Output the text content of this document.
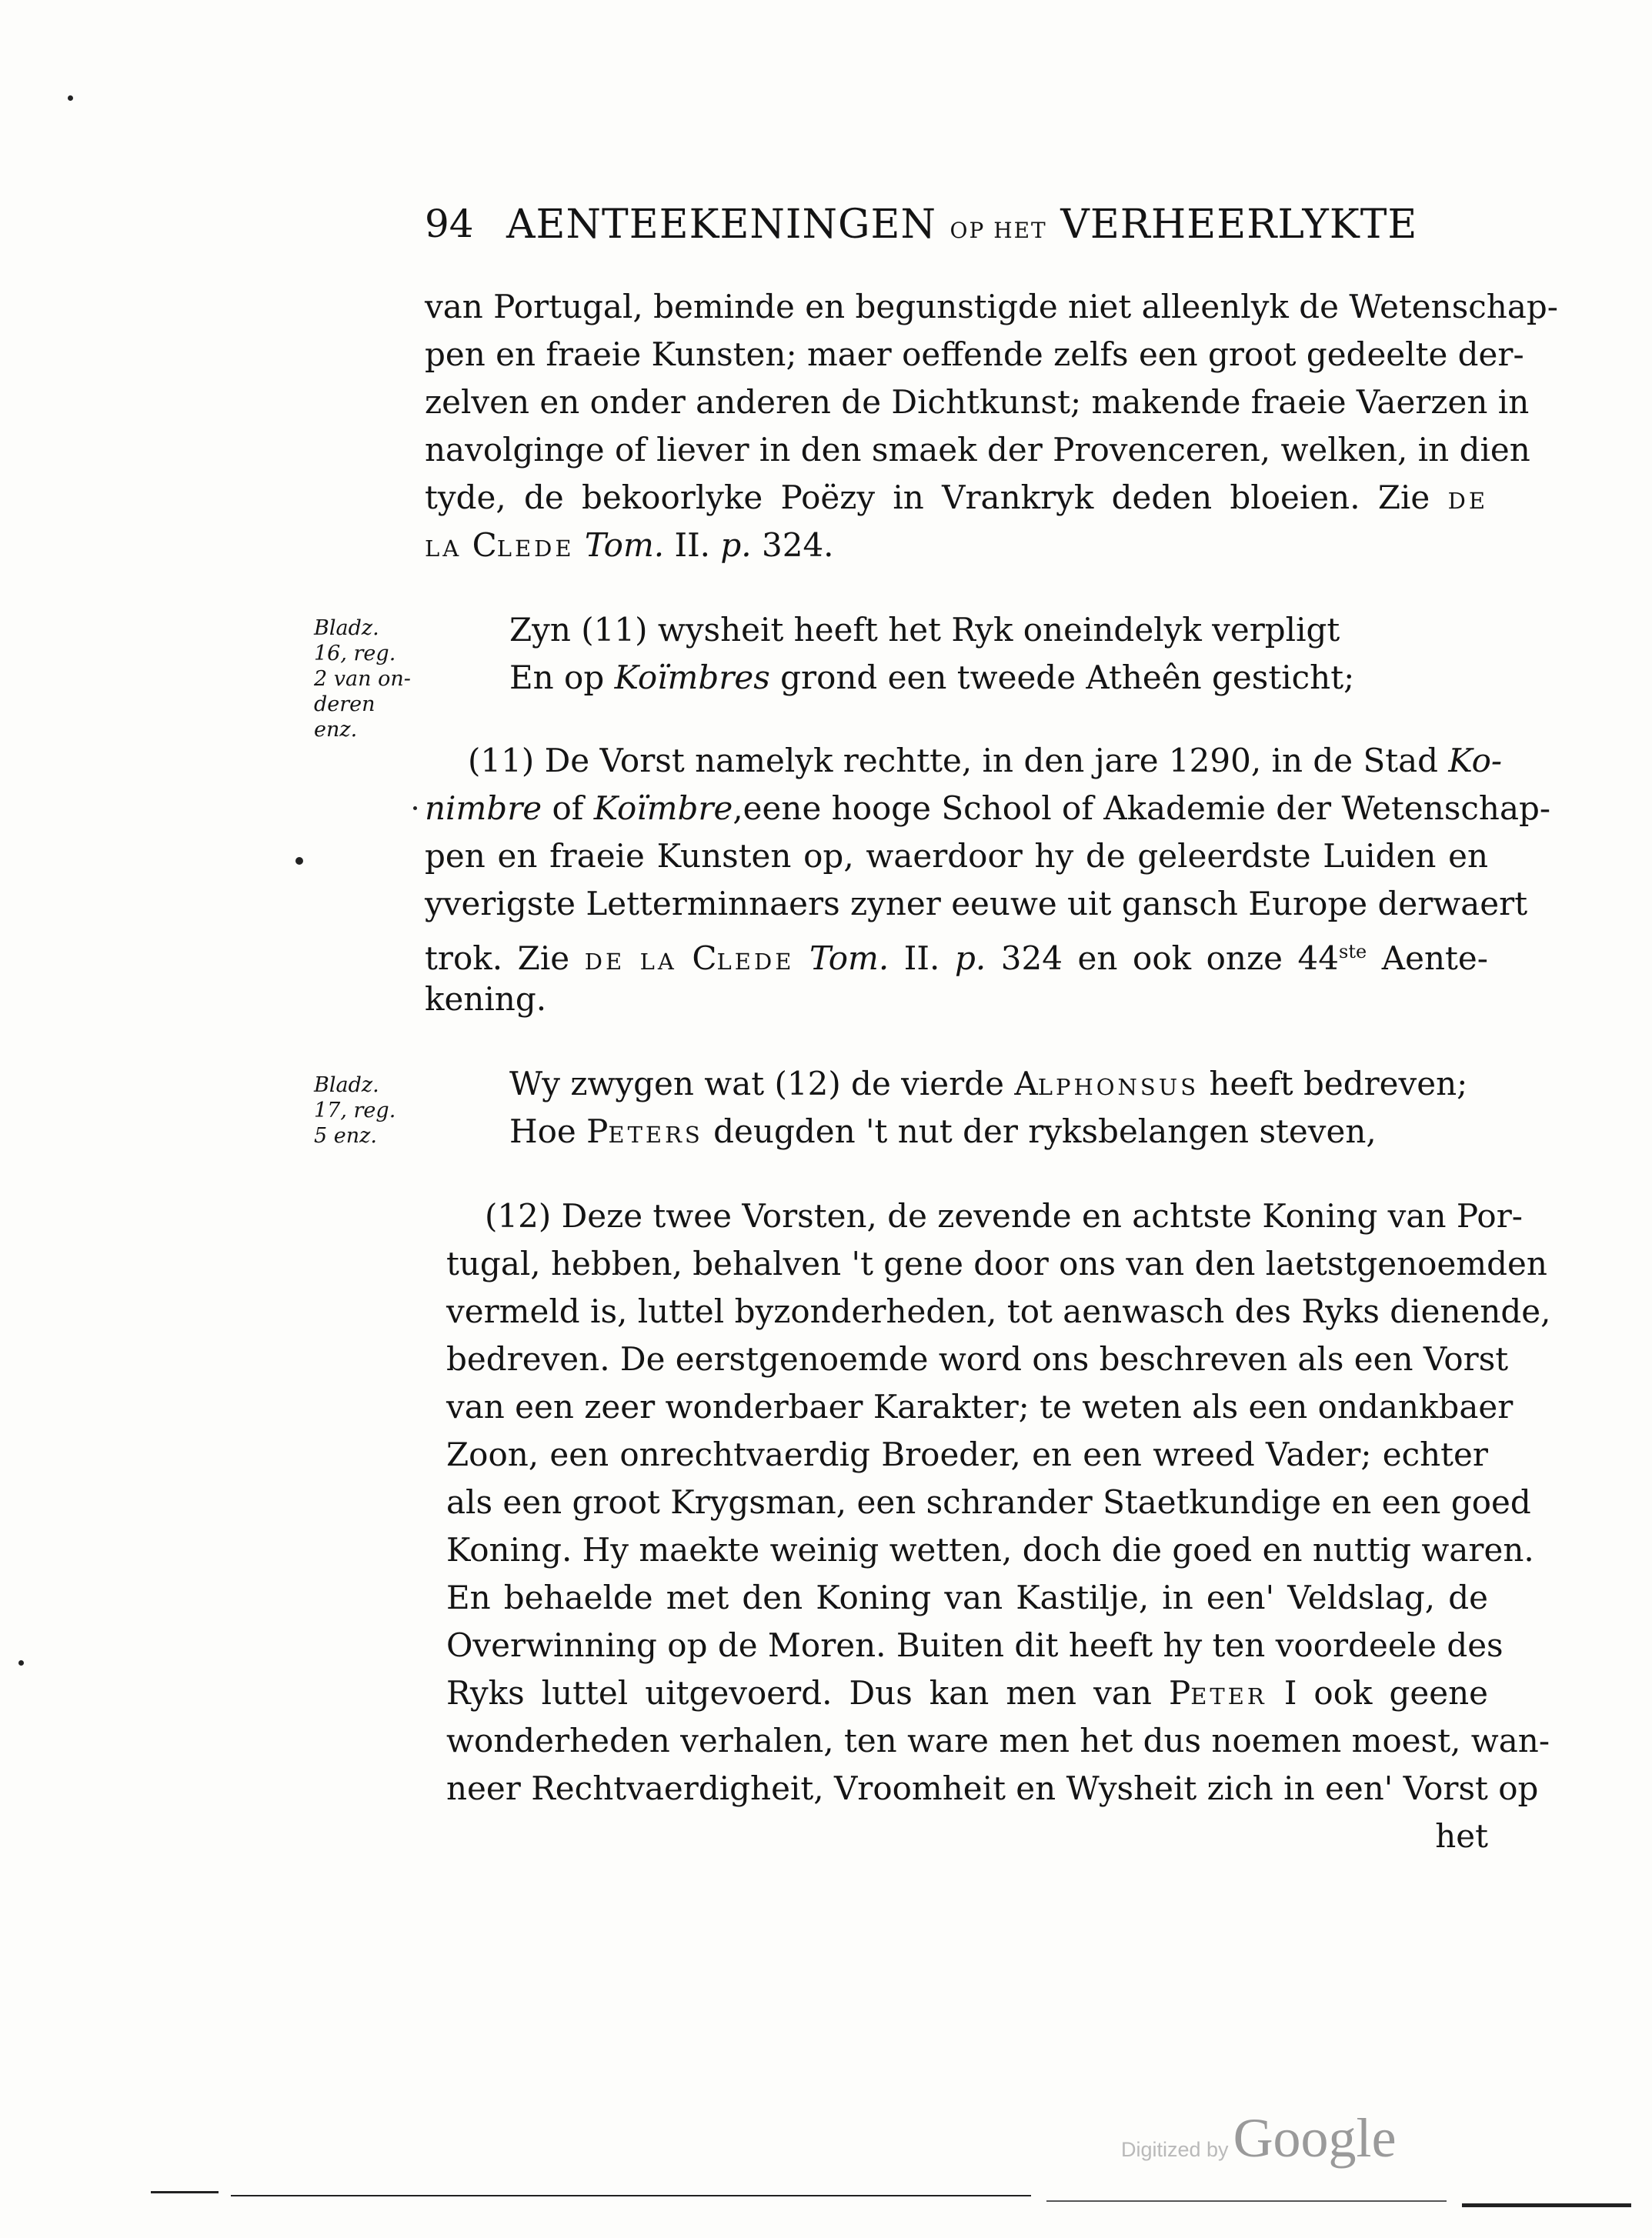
94 AENTEEKENINGEN OP HET VERHEERLYKTE
van Portugal, beminde en begunstigde niet alleenlyk de Wetenschap-
pen en fraeie Kunsten; maer oeffende zelfs een groot gedeelte der-
zelven en onder anderen de Dichtkunst; makende fraeie Vaerzen in
navolginge of liever in den smaek der Provenceren, welken, in dien
tyde, de bekoorlyke Poëzy in Vrankryk deden bloeien. Zie DE
LA CLEDE Tom. II. p. 324.
Bladz.
16, reg.
2 van on-
deren
enz.
Zyn (11) wysheit heeft het Ryk oneindelyk verpligt
En op Koïmbres grond een tweede Atheên gesticht;
(11) De Vorst namelyk rechtte, in den jare 1290, in de Stad Ko-
nimbre of Koïmbre,eene hooge School of Akademie der Wetenschap-
pen en fraeie Kunsten op, waerdoor hy de geleerdste Luiden en
yverigste Letterminnaers zyner eeuwe uit gansch Europe derwaert
trok. Zie DE LA CLEDE Tom. II. p. 324 en ook onze 44ste Aente-
kening.
Bladz.
17, reg.
5 enz.
Wy zwygen wat (12) de vierde ALPHONSUS heeft bedreven;
Hoe PETERS deugden 't nut der ryksbelangen steven,
(12) Deze twee Vorsten, de zevende en achtste Koning van Por-
tugal, hebben, behalven 't gene door ons van den laetstgenoemden
vermeld is, luttel byzonderheden, tot aenwasch des Ryks dienende,
bedreven. De eerstgenoemde word ons beschreven als een Vorst
van een zeer wonderbaer Karakter; te weten als een ondankbaer
Zoon, een onrechtvaerdig Broeder, en een wreed Vader; echter
als een groot Krygsman, een schrander Staetkundige en een goed
Koning. Hy maekte weinig wetten, doch die goed en nuttig waren.
En behaelde met den Koning van Kastilje, in een' Veldslag, de
Overwinning op de Moren. Buiten dit heeft hy ten voordeele des
Ryks luttel uitgevoerd. Dus kan men van PETER I ook geene
wonderheden verhalen, ten ware men het dus noemen moest, wan-
neer Rechtvaerdigheit, Vroomheit en Wysheit zich in een' Vorst op
het
Digitized byGoogle
